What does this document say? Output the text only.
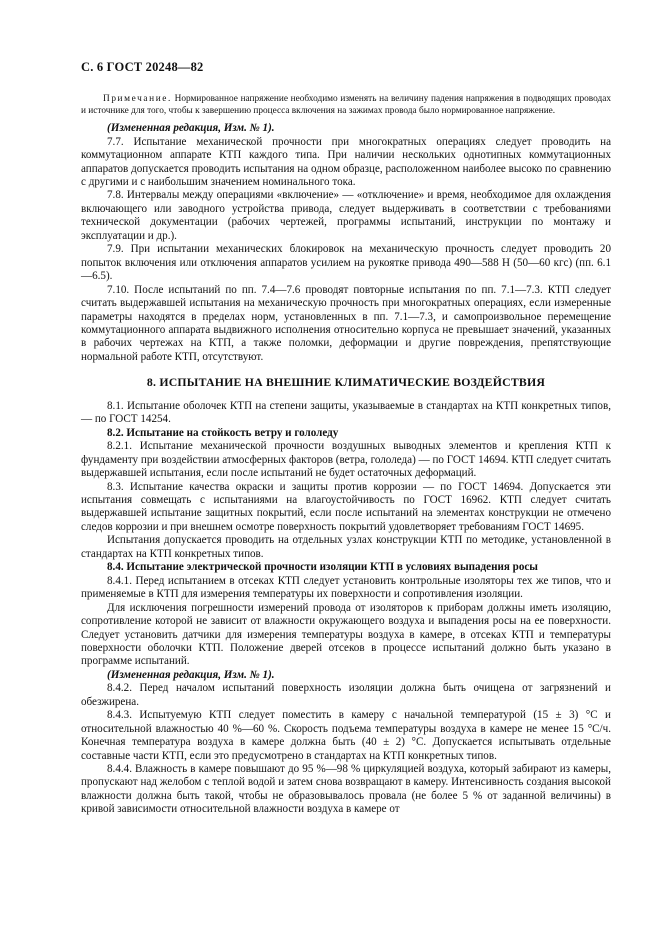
С. 6 ГОСТ 20248—82

Примечание. Нормированное напряжение необходимо изменять на величину падения напряжения в подводящих проводах и источнике для того, чтобы к завершению процесса включения на зажимах провода было нормированное напряжение.

(Измененная редакция, Изм. № 1).

7.7. Испытание механической прочности при многократных операциях следует проводить на коммутационном аппарате КТП каждого типа. При наличии нескольких однотипных коммутационных аппаратов допускается проводить испытания на одном образце, расположенном наиболее высоко по сравнению с другими и с наибольшим значением номинального тока.

7.8. Интервалы между операциями «включение» — «отключение» и время, необходимое для охлаждения включающего или заводного устройства привода, следует выдерживать в соответствии с требованиями технической документации (рабочих чертежей, программы испытаний, инструкции по монтажу и эксплуатации и др.).

7.9. При испытании механических блокировок на механическую прочность следует проводить 20 попыток включения или отключения аппаратов усилием на рукоятке привода 490—588 Н (50—60 кгс) (пп. 6.1—6.5).

7.10. После испытаний по пп. 7.4—7.6 проводят повторные испытания по пп. 7.1—7.3. КТП следует считать выдержавшей испытания на механическую прочность при многократных операциях, если измеренные параметры находятся в пределах норм, установленных в пп. 7.1—7.3, и самопроизвольное перемещение коммутационного аппарата выдвижного исполнения относительно корпуса не превышает значений, указанных в рабочих чертежах на КТП, а также поломки, деформации и другие повреждения, препятствующие нормальной работе КТП, отсутствуют.

8. ИСПЫТАНИЕ НА ВНЕШНИЕ КЛИМАТИЧЕСКИЕ ВОЗДЕЙСТВИЯ

8.1. Испытание оболочек КТП на степени защиты, указываемые в стандартах на КТП конкретных типов, — по ГОСТ 14254.

8.2. Испытание на стойкость ветру и гололеду

8.2.1. Испытание механической прочности воздушных выводных элементов и крепления КТП к фундаменту при воздействии атмосферных факторов (ветра, гололеда) — по ГОСТ 14694. КТП следует считать выдержавшей испытания, если после испытаний не будет остаточных деформаций.

8.3. Испытание качества окраски и защиты против коррозии — по ГОСТ 14694. Допускается эти испытания совмещать с испытаниями на влагоустойчивость по ГОСТ 16962. КТП следует считать выдержавшей испытание защитных покрытий, если после испытаний на элементах конструкции не отмечено следов коррозии и при внешнем осмотре поверхность покрытий удовлетворяет требованиям ГОСТ 14695.

Испытания допускается проводить на отдельных узлах конструкции КТП по методике, установленной в стандартах на КТП конкретных типов.

8.4. Испытание электрической прочности изоляции КТП в условиях выпадения росы

8.4.1. Перед испытанием в отсеках КТП следует установить контрольные изоляторы тех же типов, что и применяемые в КТП для измерения температуры их поверхности и сопротивления изоляции.

Для исключения погрешности измерений провода от изоляторов к приборам должны иметь изоляцию, сопротивление которой не зависит от влажности окружающего воздуха и выпадения росы на ее поверхности. Следует установить датчики для измерения температуры воздуха в камере, в отсеках КТП и температуры поверхности оболочки КТП. Положение дверей отсеков в процессе испытаний должно быть указано в программе испытаний.

(Измененная редакция, Изм. № 1).

8.4.2. Перед началом испытаний поверхность изоляции должна быть очищена от загрязнений и обезжирена.

8.4.3. Испытуемую КТП следует поместить в камеру с начальной температурой (15 ± 3) °С и относительной влажностью 40 %—60 %. Скорость подъема температуры воздуха в камере не менее 15 °С/ч. Конечная температура воздуха в камере должна быть (40 ± 2) °С. Допускается испытывать отдельные составные части КТП, если это предусмотрено в стандартах на КТП конкретных типов.

8.4.4. Влажность в камере повышают до 95 %—98 % циркуляцией воздуха, который забирают из камеры, пропускают над желобом с теплой водой и затем снова возвращают в камеру. Интенсивность создания высокой влажности должна быть такой, чтобы не образовывалось провала (не более 5 % от заданной величины) в кривой зависимости относительной влажности воздуха в камере от
